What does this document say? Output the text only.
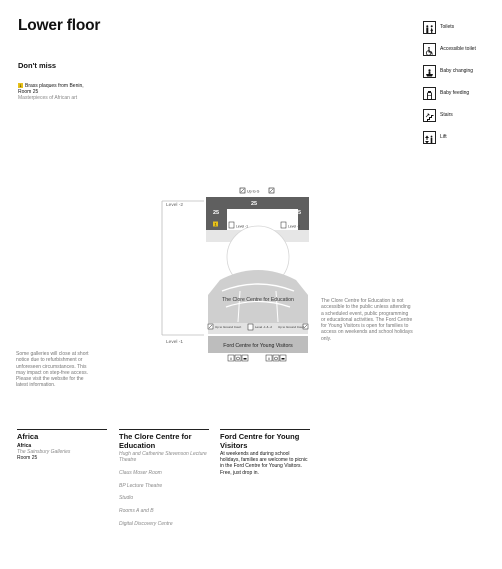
Lower floor
Don't miss
1 Brass plaques from Benin,
Room 25
Masterpieces of African art
Toilets
Accessible toilet
Baby changing
Baby feeding
Stairs
Lift
Level -2
Level -1
Up to G
25
25	25
1	Level -1	Level -1
The Clore Centre for Education
Up to Ground Court	Level -1 & -2 Up to Ground Court
Ford Centre for Young Visitors
ii	ii
Some galleries will close at short notice due to refurbishment or unforeseen circumstances. This may impact on step-free access. Please visit the website for the latest information.
The Clore Centre for Education is not accessible to the public unless attending a scheduled event, public programming or educational activities. The Ford Centre for Young Visitors is open for families to access on weekends and school holidays only.
Africa
Africa
The Sainsbury Galleries
Room 25
The Clore Centre for Education
Hugh and Catherine Stevenson Lecture Theatre
Claus Moser Room
BP Lecture Theatre
Studio
Rooms A and B
Digital Discovery Centre
Ford Centre for Young Visitors
At weekends and during school holidays, families are welcome to picnic in the Ford Centre for Young Visitors. Free, just drop in.
